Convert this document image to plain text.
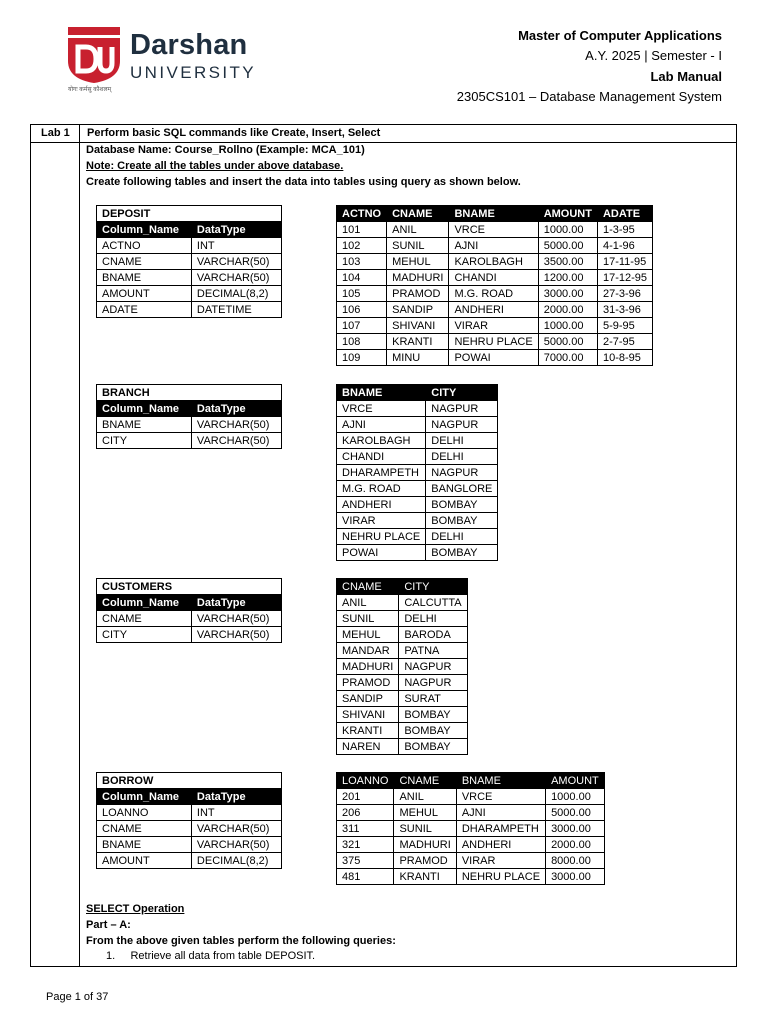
Darshan
UNIVERSITY
योगः कर्मसु कौशलम्
Master of Computer Applications
A.Y. 2025 | Semester - I
Lab Manual
2305CS101 – Database Management System
Lab 1 Perform basic SQL commands like Create, Insert, Select
Database Name: Course_Rollno (Example: MCA_101)
Note: Create all the tables under above database.
Create following tables and insert the data into tables using query as shown below.
DEPOSIT	
Column_Name	DataType
ACTNO	INT
CNAME	VARCHAR(50)
BNAME	VARCHAR(50)
AMOUNT	DECIMAL(8,2)
ADATE	DATETIME
BRANCH	
Column_Name	DataType
BNAME	VARCHAR(50)
CITY	VARCHAR(50)
CUSTOMERS	
Column_Name	DataType
CNAME	VARCHAR(50)
CITY	VARCHAR(50)
BORROW	
Column_Name	DataType
LOANNO	INT
CNAME	VARCHAR(50)
BNAME	VARCHAR(50)
AMOUNT	DECIMAL(8,2)
ACTNO	CNAME	BNAME	AMOUNT	ADATE
101	ANIL	VRCE	1000.00	1-3-95
102	SUNIL	AJNI	5000.00	4-1-96
103	MEHUL	KAROLBAGH	3500.00	17-11-95
104	MADHURI	CHANDI	1200.00	17-12-95
105	PRAMOD	M.G. ROAD	3000.00	27-3-96
106	SANDIP	ANDHERI	2000.00	31-3-96
107	SHIVANI	VIRAR	1000.00	5-9-95
108	KRANTI	NEHRU PLACE	5000.00	2-7-95
109	MINU	POWAI	7000.00	10-8-95
BNAME	CITY
VRCE	NAGPUR
AJNI	NAGPUR
KAROLBAGH	DELHI
CHANDI	DELHI
DHARAMPETH	NAGPUR
M.G. ROAD	BANGLORE
ANDHERI	BOMBAY
VIRAR	BOMBAY
NEHRU PLACE	DELHI
POWAI	BOMBAY
CNAME	CITY
ANIL	CALCUTTA
SUNIL	DELHI
MEHUL	BARODA
MANDAR	PATNA
MADHURI	NAGPUR
PRAMOD	NAGPUR
SANDIP	SURAT
SHIVANI	BOMBAY
KRANTI	BOMBAY
NAREN	BOMBAY
LOANNO	CNAME	BNAME	AMOUNT
201	ANIL	VRCE	1000.00
206	MEHUL	AJNI	5000.00
311	SUNIL	DHARAMPETH	3000.00
321	MADHURI	ANDHERI	2000.00
375	PRAMOD	VIRAR	8000.00
481	KRANTI	NEHRU PLACE	3000.00
SELECT Operation
Part – A:
From the above given tables perform the following queries:
1.     Retrieve all data from table DEPOSIT.
Page 1 of 37
